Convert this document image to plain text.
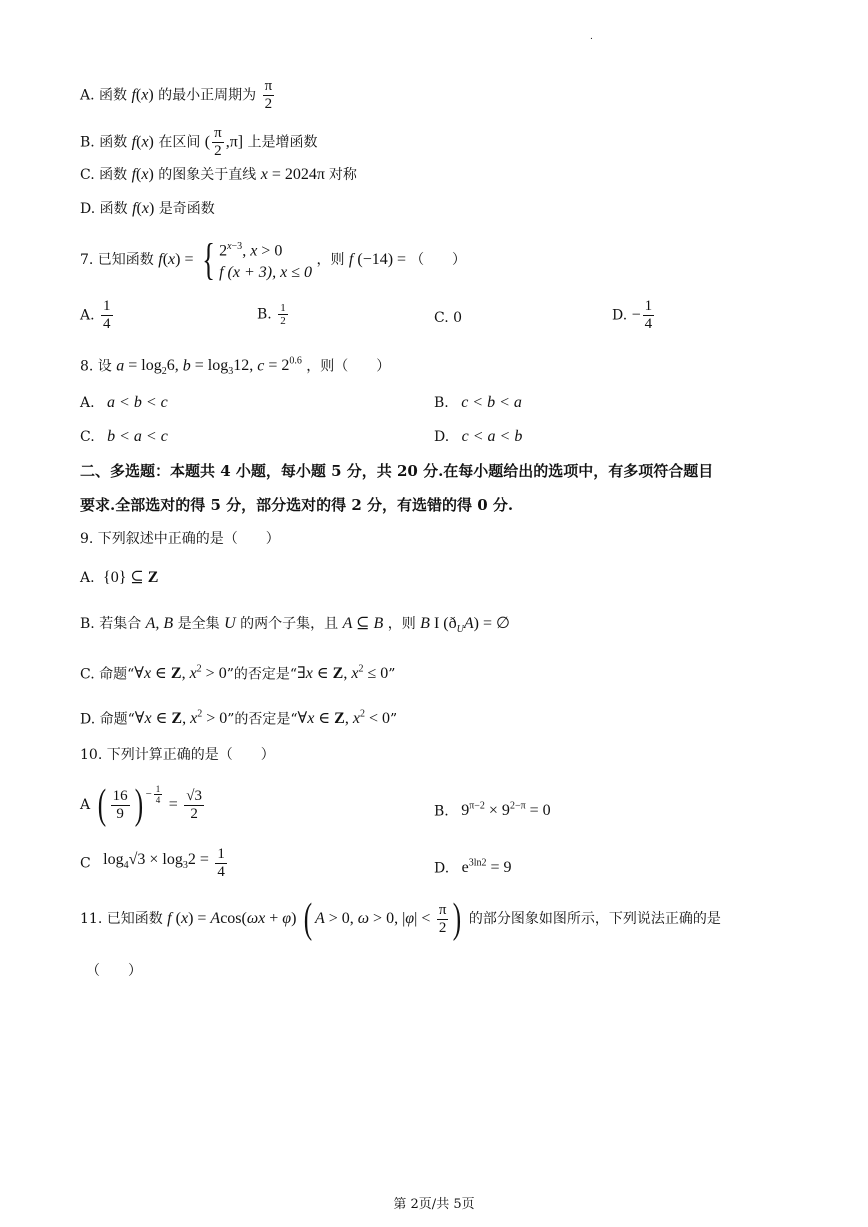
.
A. 函数 f(x) 的最小正周期为 $\frac{\pi}{2}$
B. 函数 f(x) 在区间 ( $\frac{\pi}{2} ,\pi$] 上是增函数
C. 函数 f(x) 的图象关于直线 x = 2024π 对称
D. 函数 f(x) 是奇函数
7. 已知函数 f(x) = { $2^{x-3}$, x > 0
f (x + 3), x ≤ 0
，则 f (−14) = （　　）
A. $\frac{1}{4}$	B. $\frac{1}{2}$	C. 0	D. − $\frac{1}{4}$
8. 设 $a = \log_26$, $b = \log_312$, $c = 2^{0.6}$ ，则（　　）
A.   a < b < c	B.   c < b < a
C.   b < a < c	D.   c < a < b
二、多选题：本题共 4 小题，每小题 5 分，共 20 分.在每小题给出的选项中，有多项符合题目
要求.全部选对的得 5 分，部分选对的得 2 分，有选错的得 0 分.
9. 下列叙述中正确的是（　　）
A.  {0} ⊆ Z
B. 若集合 A, B 是全集 U 的两个子集，且 A ⊆ B ，则 B I $(ð_UA)$ = ∅
C. 命题“∀x ∈ Z, $x^2 > 0$”的否定是“∃x ∈ Z, $x^2 \le 0$”
D. 命题“∀x ∈ Z, $x^2 > 0$”的否定是“∀x ∈ Z, $x^2 < 0$”
10. 下列计算正确的是（　　）
A ( $\frac{16}{9}$ ) $^{- \frac{1}{4}} = \frac{√3}{2}$	B.   $9^{\pi-2} \times 9^{2-\pi} = 0$
C   $\log_4√3 \times \log_32 = \frac{1}{4}$	D.   $e^{3ln2} = 9$
11. 已知函数 f (x) = Acos(ωx + φ) ( A > 0, ω > 0, $|\varphi| < \frac{\pi}{2}$ ) 的部分图象如图所示，下列说法正确的是
（　　）
第 2页/共 5页
